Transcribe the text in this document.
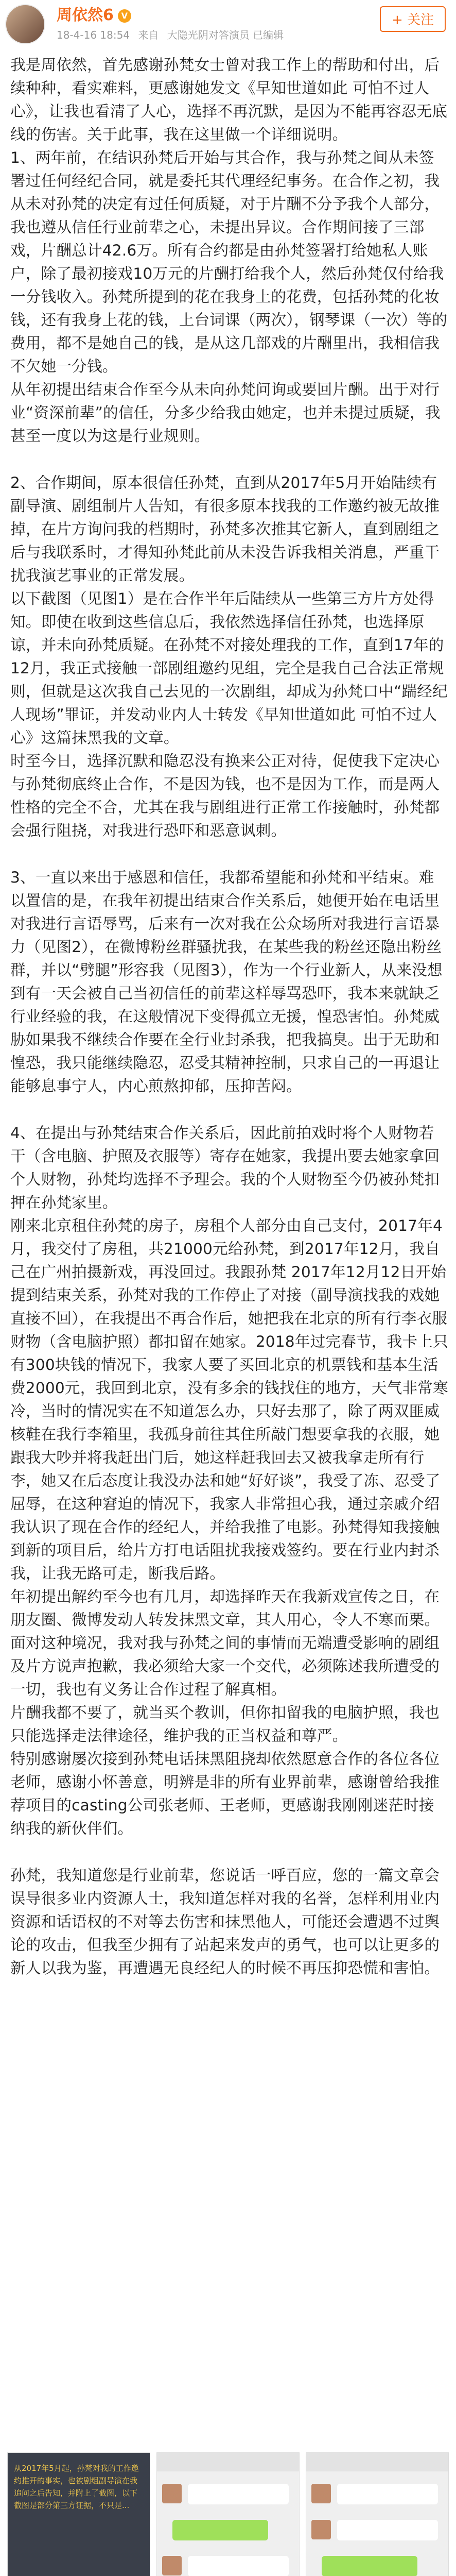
周依然6 V
18-4-16 18:54 来自 大隐光阴对答演员 已编辑
+ 关注

我是周依然，首先感谢孙梵女士曾对我工作上的帮助和付出，后续种种，看实难料，更感谢她发文《早知世道如此 可怕不过人心》，让我也看清了人心，选择不再沉默，是因为不能再容忍无底线的伤害。关于此事，我在这里做一个详细说明。

1、两年前，在结识孙梵后开始与其合作，我与孙梵之间从未签署过任何经纪合同，就是委托其代理经纪事务。在合作之初，我从未对孙梵的决定有过任何质疑，对于片酬不分予我个人部分，我也遵从信任行业前辈之心，未提出异议。合作期间接了三部戏，片酬总计42.6万。所有合约都是由孙梵签署打给她私人账户，除了最初接戏10万元的片酬打给我个人，然后孙梵仅付给我一分钱收入。孙梵所提到的花在我身上的花费，包括孙梵的化妆钱，还有我身上花的钱，上台词课（两次），钢琴课（一次）等的费用，都不是她自己的钱，是从这几部戏的片酬里出，我相信我不欠她一分钱。

从年初提出结束合作至今从未向孙梵问询或要回片酬。出于对行业“资深前辈”的信任，分多少给我由她定，也并未提过质疑，我甚至一度以为这是行业规则。

2、合作期间，原本很信任孙梵，直到从2017年5月开始陆续有副导演、剧组制片人告知，有很多原本找我的工作邀约被无故推掉，在片方询问我的档期时，孙梵多次推其它新人，直到剧组之后与我联系时，才得知孙梵此前从未没告诉我相关消息，严重干扰我演艺事业的正常发展。

以下截图（见图1）是在合作半年后陆续从一些第三方片方处得知。即使在收到这些信息后，我依然选择信任孙梵，也选择原谅，并未向孙梵质疑。在孙梵不对接处理我的工作，直到17年的12月，我正式接触一部剧组邀约见组，完全是我自己合法正常规则，但就是这次我自己去见的一次剧组，却成为孙梵口中“踹经纪人现场”罪证，并发动业内人士转发《早知世道如此 可怕不过人心》这篇抹黑我的文章。

时至今日，选择沉默和隐忍没有换来公正对待，促使我下定决心与孙梵彻底终止合作，不是因为钱，也不是因为工作，而是两人性格的完全不合，尤其在我与剧组进行正常工作接触时，孙梵都会强行阻挠，对我进行恐吓和恶意讽刺。

3、一直以来出于感恩和信任，我都希望能和孙梵和平结束。难以置信的是，在我年初提出结束合作关系后，她便开始在电话里对我进行言语辱骂，后来有一次对我在公众场所对我进行言语暴力（见图2），在微博粉丝群骚扰我，在某些我的粉丝还隐出粉丝群，并以“劈腿”形容我（见图3），作为一个行业新人，从来没想到有一天会被自己当初信任的前辈这样辱骂恐吓，我本来就缺乏行业经验的我，在这般情况下变得孤立无援，惶恐害怕。孙梵威胁如果我不继续合作要在全行业封杀我，把我搞臭。出于无助和惶恐，我只能继续隐忍，忍受其精神控制，只求自己的一再退让能够息事宁人，内心煎熬抑郁，压抑苦闷。

4、在提出与孙梵结束合作关系后，因此前拍戏时将个人财物若干（含电脑、护照及衣服等）寄存在她家，我提出要去她家拿回个人财物，孙梵均选择不予理会。我的个人财物至今仍被孙梵扣押在孙梵家里。

刚来北京租住孙梵的房子，房租个人部分由自己支付，2017年4月，我交付了房租，共21000元给孙梵，到2017年12月，我自己在广州拍摄新戏，再没回过。我跟孙梵 2017年12月12日开始提到结束关系，孙梵对我的工作停止了对接（副导演找我的戏她直接不回），在我提出不再合作后，她把我在北京的所有行李衣服财物（含电脑护照）都扣留在她家。2018年过完春节，我卡上只有300块钱的情况下，我家人要了买回北京的机票钱和基本生活费2000元，我回到北京，没有多余的钱找住的地方，天气非常寒冷，当时的情况实在不知道怎么办，只好去那了，除了两双匪威核鞋在我行李箱里，我孤身前往其住所敲门想要拿我的衣服，她跟我大吵并将我赶出门后，她这样赶我回去又被我拿走所有行李，她又在后态度让我没办法和她“好好谈”，我受了冻、忍受了屈辱，在这种窘迫的情况下，我家人非常担心我，通过亲戚介绍我认识了现在合作的经纪人，并给我推了电影。孙梵得知我接触到新的项目后，给片方打电话阻扰我接戏签约。要在行业内封杀我，让我无路可走，断我后路。

年初提出解约至今也有几月，却选择昨天在我新戏宣传之日，在朋友圈、微博发动人转发抹黑文章，其人用心，令人不寒而栗。面对这种境况，我对我与孙梵之间的事情而无端遭受影响的剧组及片方说声抱歉，我必须给大家一个交代，必须陈述我所遭受的一切，我也有义务让合作过程了解真相。

片酬我都不要了，就当买个教训，但你扣留我的电脑护照，我也只能选择走法律途径，维护我的正当权益和尊严。

特别感谢屡次接到孙梵电话抹黑阻挠却依然愿意合作的各位各位老师，感谢小怀善意，明辨是非的所有业界前辈，感谢曾给我推荐项目的casting公司张老师、王老师，更感谢我刚刚迷茫时接纳我的新伙伴们。

孙梵，我知道您是行业前辈，您说话一呼百应，您的一篇文章会误导很多业内资源人士，我知道怎样对我的名誉，怎样利用业内资源和话语权的不对等去伤害和抹黑他人，可能还会遭遇不过舆论的攻击，但我至少拥有了站起来发声的勇气，也可以让更多的新人以我为鉴，再遭遇无良经纪人的时候不再压抑恐慌和害怕。

从2017年5月起，孙梵对我的工作邀约推开的事实，也被剧组副导演在我追问之后告知，并附上了截图，以下截图是部分第三方证据，不只是...
